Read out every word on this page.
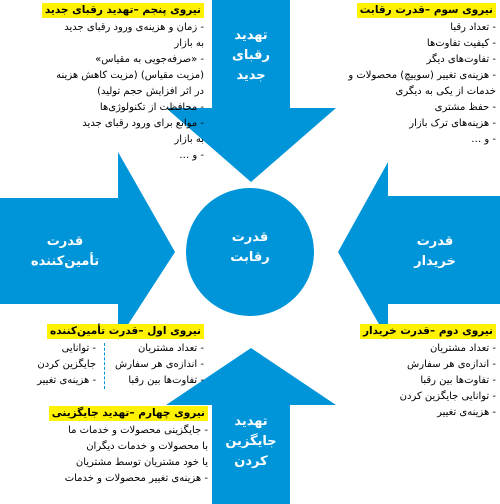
قدرت
رقابت
تهدید
رقبای
جدید
تهدید
جایگزین
کردن
قدرت
تأمین‌کننده
قدرت
خریدار
نیروی پنجم –تهدید رقبای جدید
- زمان و هزینه‌ی ورود رقبای جدید
به بازار
- «صرفه‌جویی به مقیاس»
(مزیت مقیاس) (مزیت کاهش هزینه
در اثر افزایش حجم تولید)
- محافظت از تکنولوژی‌ها
- موانع برای ورود رقبای جدید
به بازار
- و …
نیروی سوم –قدرت رقابت
- تعداد رقبا
- کیفیت تفاوت‌ها
- تفاوت‌های دیگر
- هزینه‌ی تغییر (سوییچ) محصولات و
خدمات از یکی به دیگری
- حفظ مشتری
- هزینه‌های ترک بازار
- و …
نیروی اول –قدرت تأمین‌کننده
- تعداد مشتریان
- اندازه‌ی هر سفارش
- تفاوت‌ها بین رقبا
- توانایی
جایگزین کردن
- هزینه‌ی تغییر
نیروی دوم –قدرت خریدار
- تعداد مشتریان
- اندازه‌ی هر سفارش
- تفاوت‌ها بین رقبا
- توانایی جایگزین کردن
- هزینه‌ی تغییر
نیروی چهارم –تهدید جایگزینی
- جایگزینی محصولات و خدمات ما
با محصولات و خدمات دیگران
یا خود مشتریان توسط مشتریان
- هزینه‌ی تغییر محصولات و خدمات
